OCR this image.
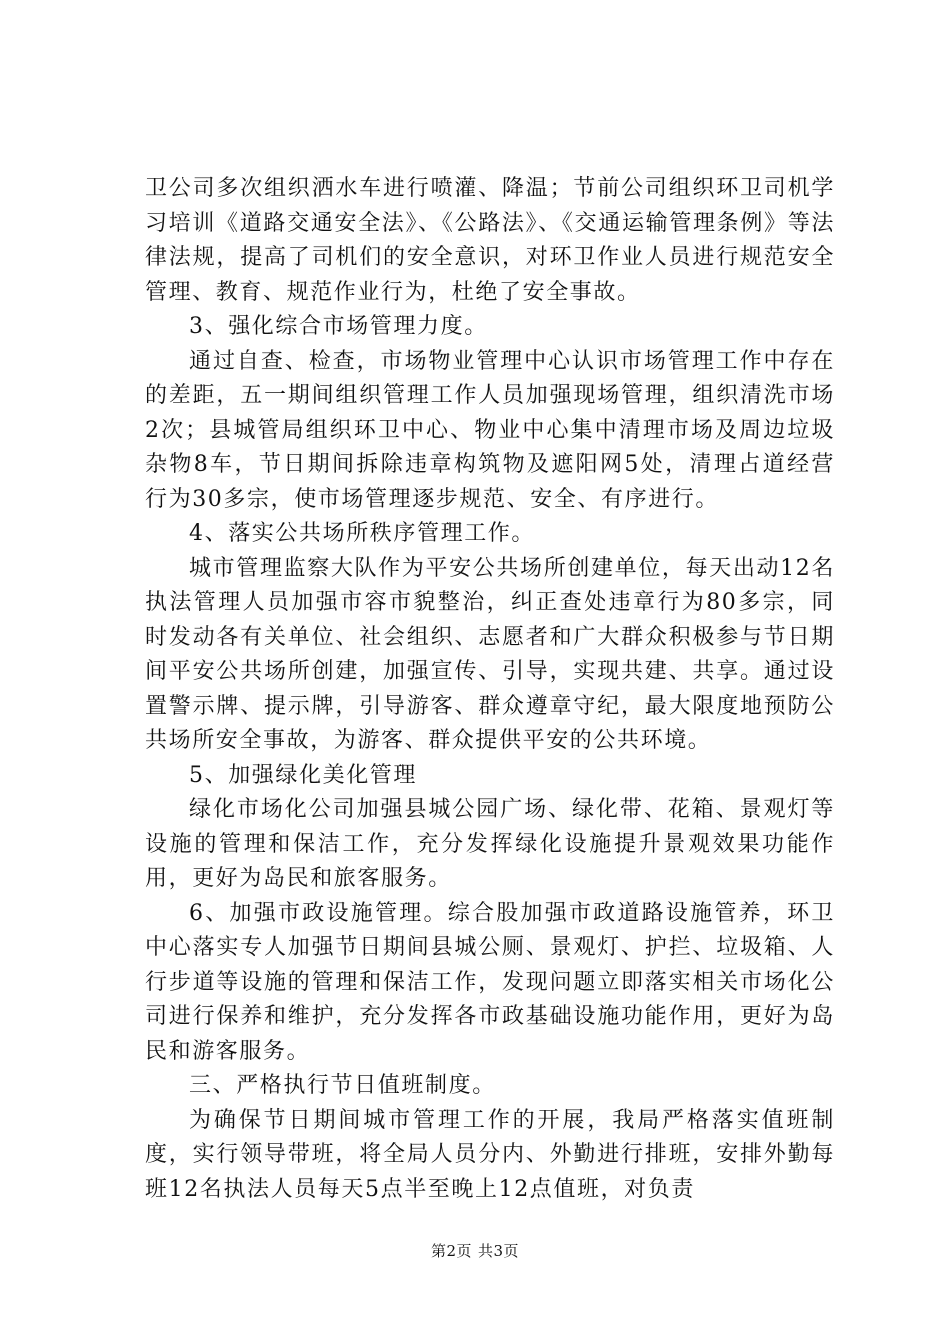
卫公司多次组织洒水车进行喷灌、降温；节前公司组织环卫司机学习培训《道路交通安全法》、《公路法》、《交通运输管理条例》等法律法规，提高了司机们的安全意识，对环卫作业人员进行规范安全管理、教育、规范作业行为，杜绝了安全事故。

3、强化综合市场管理力度。

通过自查、检查，市场物业管理中心认识市场管理工作中存在的差距，五一期间组织管理工作人员加强现场管理，组织清洗市场2次；县城管局组织环卫中心、物业中心集中清理市场及周边垃圾杂物8车，节日期间拆除违章构筑物及遮阳网5处，清理占道经营行为30多宗，使市场管理逐步规范、安全、有序进行。

4、落实公共场所秩序管理工作。

城市管理监察大队作为平安公共场所创建单位，每天出动12名执法管理人员加强市容市貌整治，纠正查处违章行为80多宗，同时发动各有关单位、社会组织、志愿者和广大群众积极参与节日期间平安公共场所创建，加强宣传、引导，实现共建、共享。通过设置警示牌、提示牌，引导游客、群众遵章守纪，最大限度地预防公共场所安全事故，为游客、群众提供平安的公共环境。

5、加强绿化美化管理

绿化市场化公司加强县城公园广场、绿化带、花箱、景观灯等设施的管理和保洁工作，充分发挥绿化设施提升景观效果功能作用，更好为岛民和旅客服务。

6、加强市政设施管理。综合股加强市政道路设施管养，环卫中心落实专人加强节日期间县城公厕、景观灯、护拦、垃圾箱、人行步道等设施的管理和保洁工作，发现问题立即落实相关市场化公司进行保养和维护，充分发挥各市政基础设施功能作用，更好为岛民和游客服务。

三、严格执行节日值班制度。

为确保节日期间城市管理工作的开展，我局严格落实值班制度，实行领导带班，将全局人员分内、外勤进行排班，安排外勤每班12名执法人员每天5点半至晚上12点值班，对负责

第2页 共3页
